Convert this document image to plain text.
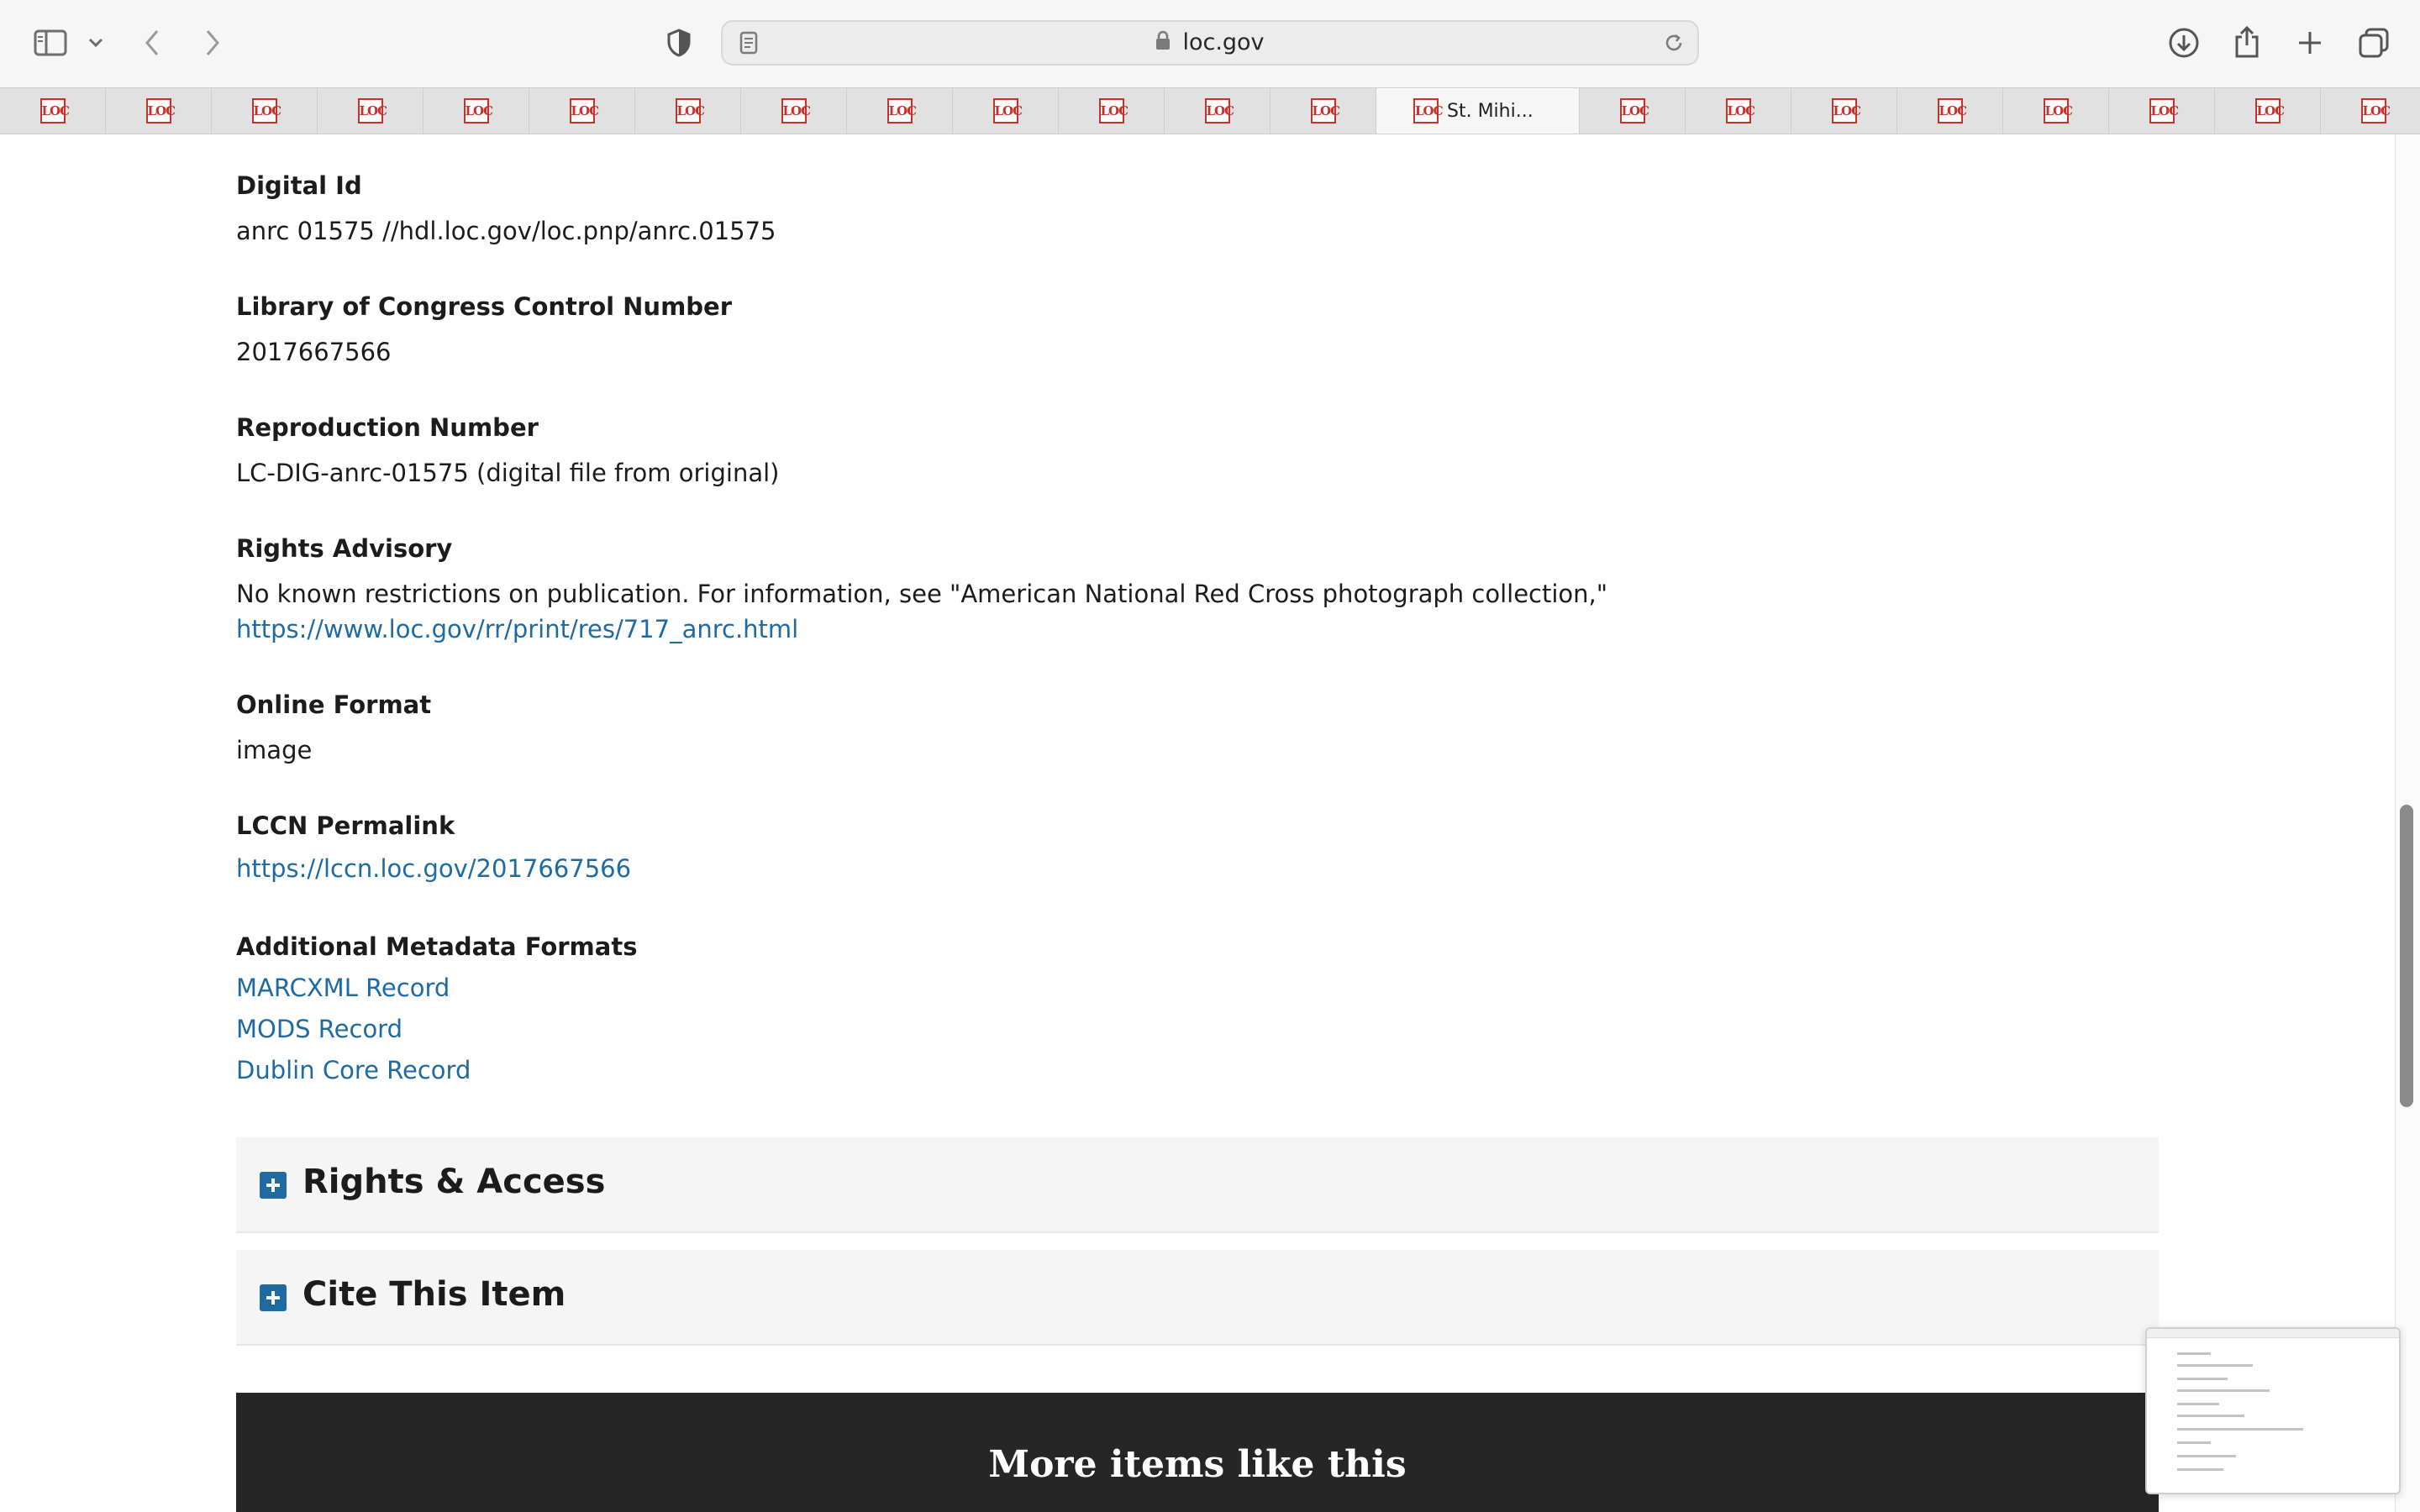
loc.gov
LOC	LOC	LOC	LOC	LOC	LOC	LOC	LOC	LOC	LOC	LOC	LOC	LOC	LOC St. Mihi...	LOC	LOC	LOC	LOC	LOC	LOC	LOC	LOC
Digital Id
anrc 01575 //hdl.loc.gov/loc.pnp/anrc.01575
Library of Congress Control Number
2017667566
Reproduction Number
LC-DIG-anrc-01575 (digital file from original)
Rights Advisory
No known restrictions on publication. For information, see "American National Red Cross photograph collection,"
https://www.loc.gov/rr/print/res/717_anrc.html
Online Format
image
LCCN Permalink
https://lccn.loc.gov/2017667566
Additional Metadata Formats
MARCXML Record
MODS Record
Dublin Core Record
Rights & Access
Cite This Item
More items like this
